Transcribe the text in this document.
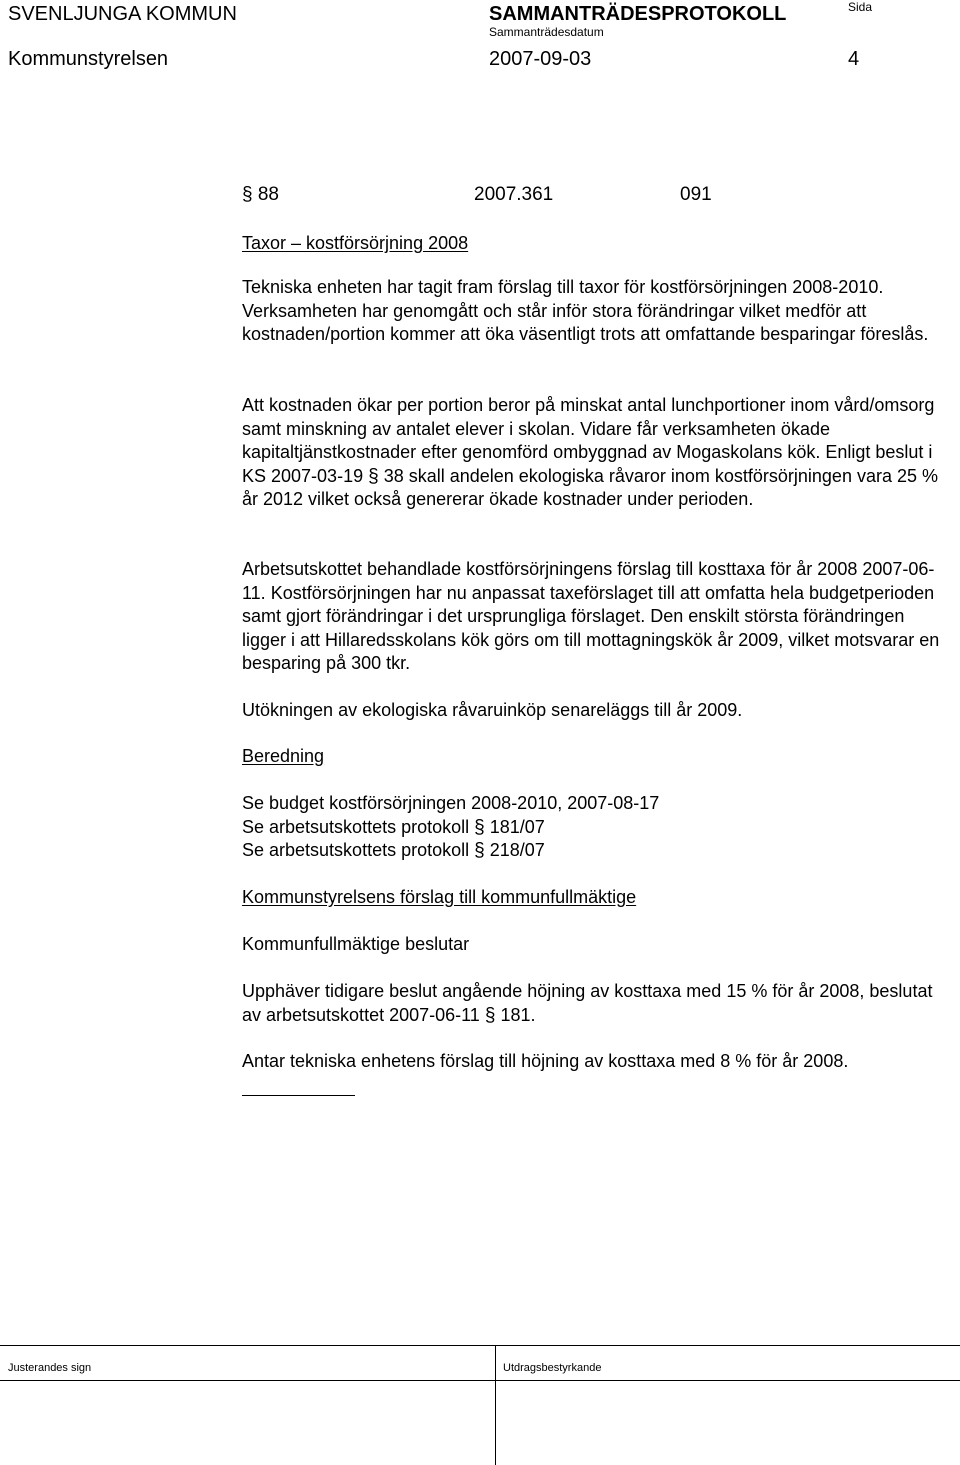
SVENLJUNGA KOMMUN	SAMMANTRÄDESPROTOKOLL	Sida
Sammanträdesdatum
Kommunstyrelsen	2007-09-03	4
§ 88	2007.361	091
Taxor – kostförsörjning 2008

Tekniska enheten har tagit fram förslag till taxor för kostförsörjningen 2008-2010. Verksamheten har genomgått och står inför stora förändringar vilket medför att kostnaden/portion kommer att öka väsentligt trots att omfattande besparingar föreslås.

Att kostnaden ökar per portion beror på minskat antal lunchportioner inom vård/omsorg samt minskning av antalet elever i skolan. Vidare får verksamheten ökade kapitaltjänstkostnader efter genomförd ombyggnad av Mogaskolans kök. Enligt beslut i KS 2007-03-19 § 38 skall andelen ekologiska råvaror inom kostförsörjningen vara 25 % år 2012 vilket också genererar ökade kostnader under perioden.

Arbetsutskottet behandlade kostförsörjningens förslag till kosttaxa för år 2008 2007-06-11. Kostförsörjningen har nu anpassat taxeförslaget till att omfatta hela budgetperioden samt gjort förändringar i det ursprungliga förslaget. Den enskilt största förändringen ligger i att Hillaredsskolans kök görs om till mottagningskök år 2009, vilket motsvarar en besparing på 300 tkr.

Utökningen av ekologiska råvaruinköp senareläggs till år 2009.
Beredning
Se budget kostförsörjningen 2008-2010, 2007-08-17
Se arbetsutskottets protokoll § 181/07
Se arbetsutskottets protokoll § 218/07
Kommunstyrelsens förslag till kommunfullmäktige
Kommunfullmäktige beslutar

Upphäver tidigare beslut angående höjning av kosttaxa med 15 % för år 2008, beslutat av arbetsutskottet 2007-06-11 § 181.

Antar tekniska enhetens förslag till höjning av kosttaxa med 8 % för år 2008.
Justerandes sign	Utdragsbestyrkande
